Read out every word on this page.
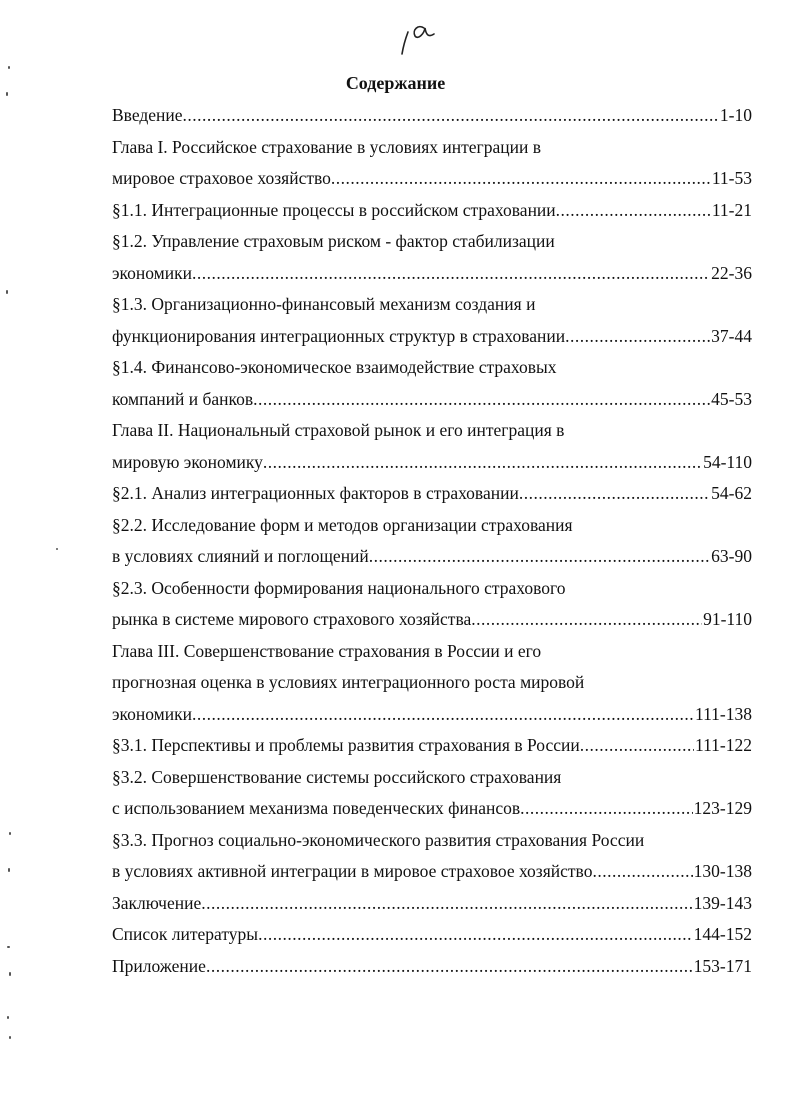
Содержание
Введение .....	1-10
Глава I. Российское страхование в условиях интеграции в
мировое страховое хозяйство .....	11-53
§1.1. Интеграционные процессы в российском страховании .....	11-21
§1.2. Управление страховым риском - фактор стабилизации
экономики .....	22-36
§1.3. Организационно-финансовый механизм создания и
функционирования интеграционных структур в страховании .....	37-44
§1.4. Финансово-экономическое взаимодействие страховых
компаний и банков .....	45-53
Глава II. Национальный страховой рынок и его интеграция в
мировую экономику .....	54-110
§2.1. Анализ интеграционных факторов в страховании .....	54-62
§2.2. Исследование форм и методов организации страхования
в условиях слияний и поглощений .....	63-90
§2.3. Особенности формирования национального страхового
рынка в системе мирового страхового хозяйства .....	91-110
Глава III. Совершенствование страхования в России и его
прогнозная оценка в условиях интеграционного роста мировой
экономики .....	111-138
§3.1. Перспективы и проблемы развития страхования в России .....	111-122
§3.2. Совершенствование системы российского страхования
с использованием механизма поведенческих финансов .....	123-129
§3.3. Прогноз социально-экономического развития страхования России
в условиях активной интеграции в мировое страховое хозяйство .....	130-138
Заключение .....	139-143
Список литературы .....	144-152
Приложение .....	153-171
